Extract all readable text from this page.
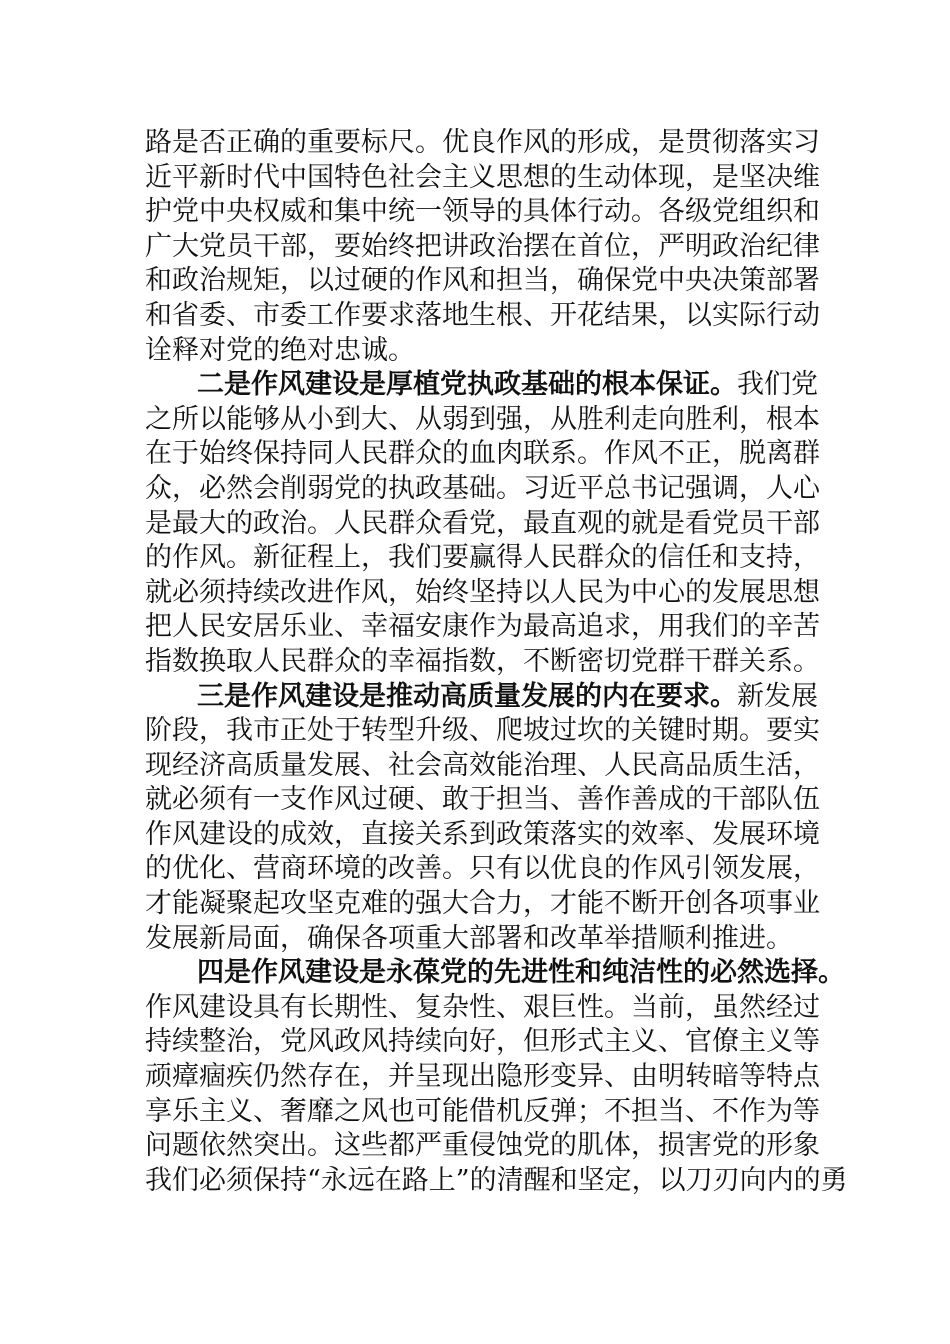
路是否正确的重要标尺。优良作风的形成，是贯彻落实习
近平新时代中国特色社会主义思想的生动体现，是坚决维
护党中央权威和集中统一领导的具体行动。各级党组织和
广大党员干部，要始终把讲政治摆在首位，严明政治纪律
和政治规矩，以过硬的作风和担当，确保党中央决策部署
和省委、市委工作要求落地生根、开花结果，以实际行动
诠释对党的绝对忠诚。
二是作风建设是厚植党执政基础的根本保证。我们党
之所以能够从小到大、从弱到强，从胜利走向胜利，根本
在于始终保持同人民群众的血肉联系。作风不正，脱离群
众，必然会削弱党的执政基础。习近平总书记强调，人心
是最大的政治。人民群众看党，最直观的就是看党员干部
的作风。新征程上，我们要赢得人民群众的信任和支持，
就必须持续改进作风，始终坚持以人民为中心的发展思想
把人民安居乐业、幸福安康作为最高追求，用我们的辛苦
指数换取人民群众的幸福指数，不断密切党群干群关系。
三是作风建设是推动高质量发展的内在要求。新发展
阶段，我市正处于转型升级、爬坡过坎的关键时期。要实
现经济高质量发展、社会高效能治理、人民高品质生活，
就必须有一支作风过硬、敢于担当、善作善成的干部队伍
作风建设的成效，直接关系到政策落实的效率、发展环境
的优化、营商环境的改善。只有以优良的作风引领发展，
才能凝聚起攻坚克难的强大合力，才能不断开创各项事业
发展新局面，确保各项重大部署和改革举措顺利推进。
四是作风建设是永葆党的先进性和纯洁性的必然选择。
作风建设具有长期性、复杂性、艰巨性。当前，虽然经过
持续整治，党风政风持续向好，但形式主义、官僚主义等
顽瘴痼疾仍然存在，并呈现出隐形变异、由明转暗等特点
享乐主义、奢靡之风也可能借机反弹；不担当、不作为等
问题依然突出。这些都严重侵蚀党的肌体，损害党的形象
我们必须保持“永远在路上”的清醒和坚定，以刀刃向内的勇
